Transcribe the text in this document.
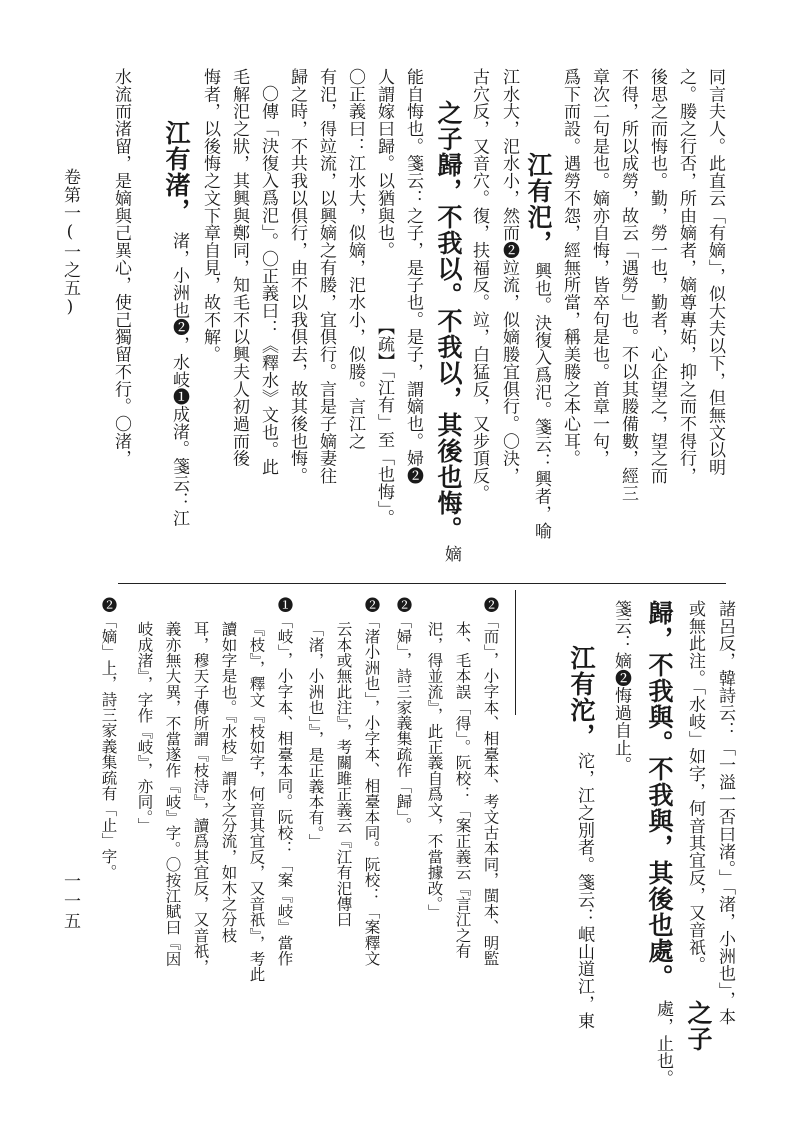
卷第一(一之五)
一一五
同言夫人。此直云「有嫡」，似大夫以下，但無文以明
之。媵之行否，所由嫡者，嫡尊專妬，抑之而不得行，
後思之而悔也。勤，勞一也，勤者，心企望之，望之而
不得，所以成勞，故云「遇勞」也。不以其媵備數，經三
章次二句是也。嫡亦自悔，皆卒句是也。首章一句，
爲下而設。遇勞不怨，經無所當，稱美媵之本心耳。
江有汜，
興也。決復入爲汜。箋云：興者，喻
江水大，汜水小，然而❷竝流，似嫡媵宜俱行。〇決，
古穴反，又音穴。復，扶福反。竝，白猛反，又步頂反。
之子歸，不我以。不我以，其後也悔。
嫡
能自悔也。箋云：之子，是子也。是子，謂嫡也。婦❷
人謂嫁曰歸。以猶與也。
【疏】「江有」至「也悔」。
〇正義曰：江水大，似嫡，汜水小，似媵。言江之
有汜，得竝流，以興嫡之有媵，宜俱行。言是子嫡妻往
歸之時，不共我以俱行，由不以我俱去，故其後也悔。
〇傳「決復入爲汜」。〇正義曰：《釋水》文也。此
毛解汜之狀，其興與鄭同，知毛不以興夫人初過而後
悔者，以後悔之文下章自見，故不解。
江有渚，
渚，小洲也❷，水岐❶成渚。箋云：江
水流而渚留，是嫡與己異心，使己獨留不行。〇渚，
諸呂反，韓詩云：「一溢一否曰渚。」「渚，小洲也」，本
或無此注。「水岐」如字，何音其宜反，又音祇。
歸，不我與。不我與，其後也處。
之子
處，止也。
箋云：嫡❷悔過自止。
江有沱，
沱，江之別者。箋云：岷山道江，東
❷「而」，小字本、相臺本、考文古本同，閩本、明監
本、毛本誤「得」。阮校：「案正義云『言江之有
汜，得並流』，此正義自爲文，不當據改。」
❷「婦」，詩三家義集疏作「歸」。
❷「渚小洲也」，小字本、相臺本同。阮校：「案釋文
云本或無此注』，考關雎正義云『江有汜傳曰
「渚，小洲也」』，是正義本有。」
❶「岐」，小字本、相臺本同。阮校：「案『岐』當作
『枝』，釋文『枝如字，何音其宜反，又音祇』，考此
讀如字是也。『水枝』謂水之分流，如木之分枝
耳，穆天子傳所謂『枝洔』，讀爲其宜反，又音祇，
義亦無大異，不當遂作『岐』字。〇按江賦曰『因
岐成渚』，字作『岐』，亦同。」
❷「嫡」上，詩三家義集疏有「止」字。
